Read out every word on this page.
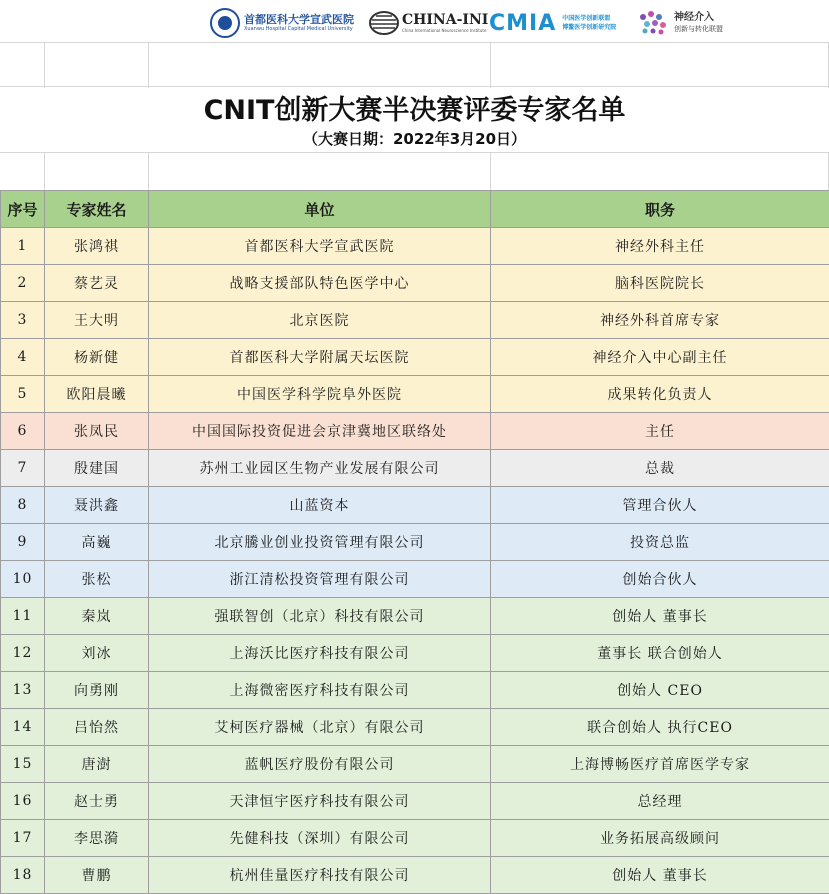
首都医科大学宣武医院
Xuanwu Hospital Capital Medical University
CHINA-INI
China International Neuroscience Institute CMIA 中国医学创新联盟
博鳌医学创新研究院
神经介入
创新与转化联盟
CNIT创新大赛半决赛评委专家名单
（大赛日期：2022年3月20日）
序号	专家姓名	单位	职务
1	张鸿祺	首都医科大学宣武医院	神经外科主任
2	蔡艺灵	战略支援部队特色医学中心	脑科医院院长
3	王大明	北京医院	神经外科首席专家
4	杨新健	首都医科大学附属天坛医院	神经介入中心副主任
5	欧阳晨曦	中国医学科学院阜外医院	成果转化负责人
6	张凤民	中国国际投资促进会京津冀地区联络处	主任
7	殷建国	苏州工业园区生物产业发展有限公司	总裁
8	聂洪鑫	山蓝资本	管理合伙人
9	高巍	北京騰业创业投资管理有限公司	投资总监
10	张松	浙江清松投资管理有限公司	创始合伙人
11	秦岚	强联智创（北京）科技有限公司	创始人 董事长
12	刘冰	上海沃比医疗科技有限公司	董事长 联合创始人
13	向勇刚	上海微密医疗科技有限公司	创始人 CEO
14	吕怡然	艾柯医疗器械（北京）有限公司	联合创始人 执行CEO
15	唐澍	蓝帆医疗股份有限公司	上海博畅医疗首席医学专家
16	赵士勇	天津恒宇医疗科技有限公司	总经理
17	李思漪	先健科技（深圳）有限公司	业务拓展高级顾问
18	曹鹏	杭州佳量医疗科技有限公司	创始人 董事长
